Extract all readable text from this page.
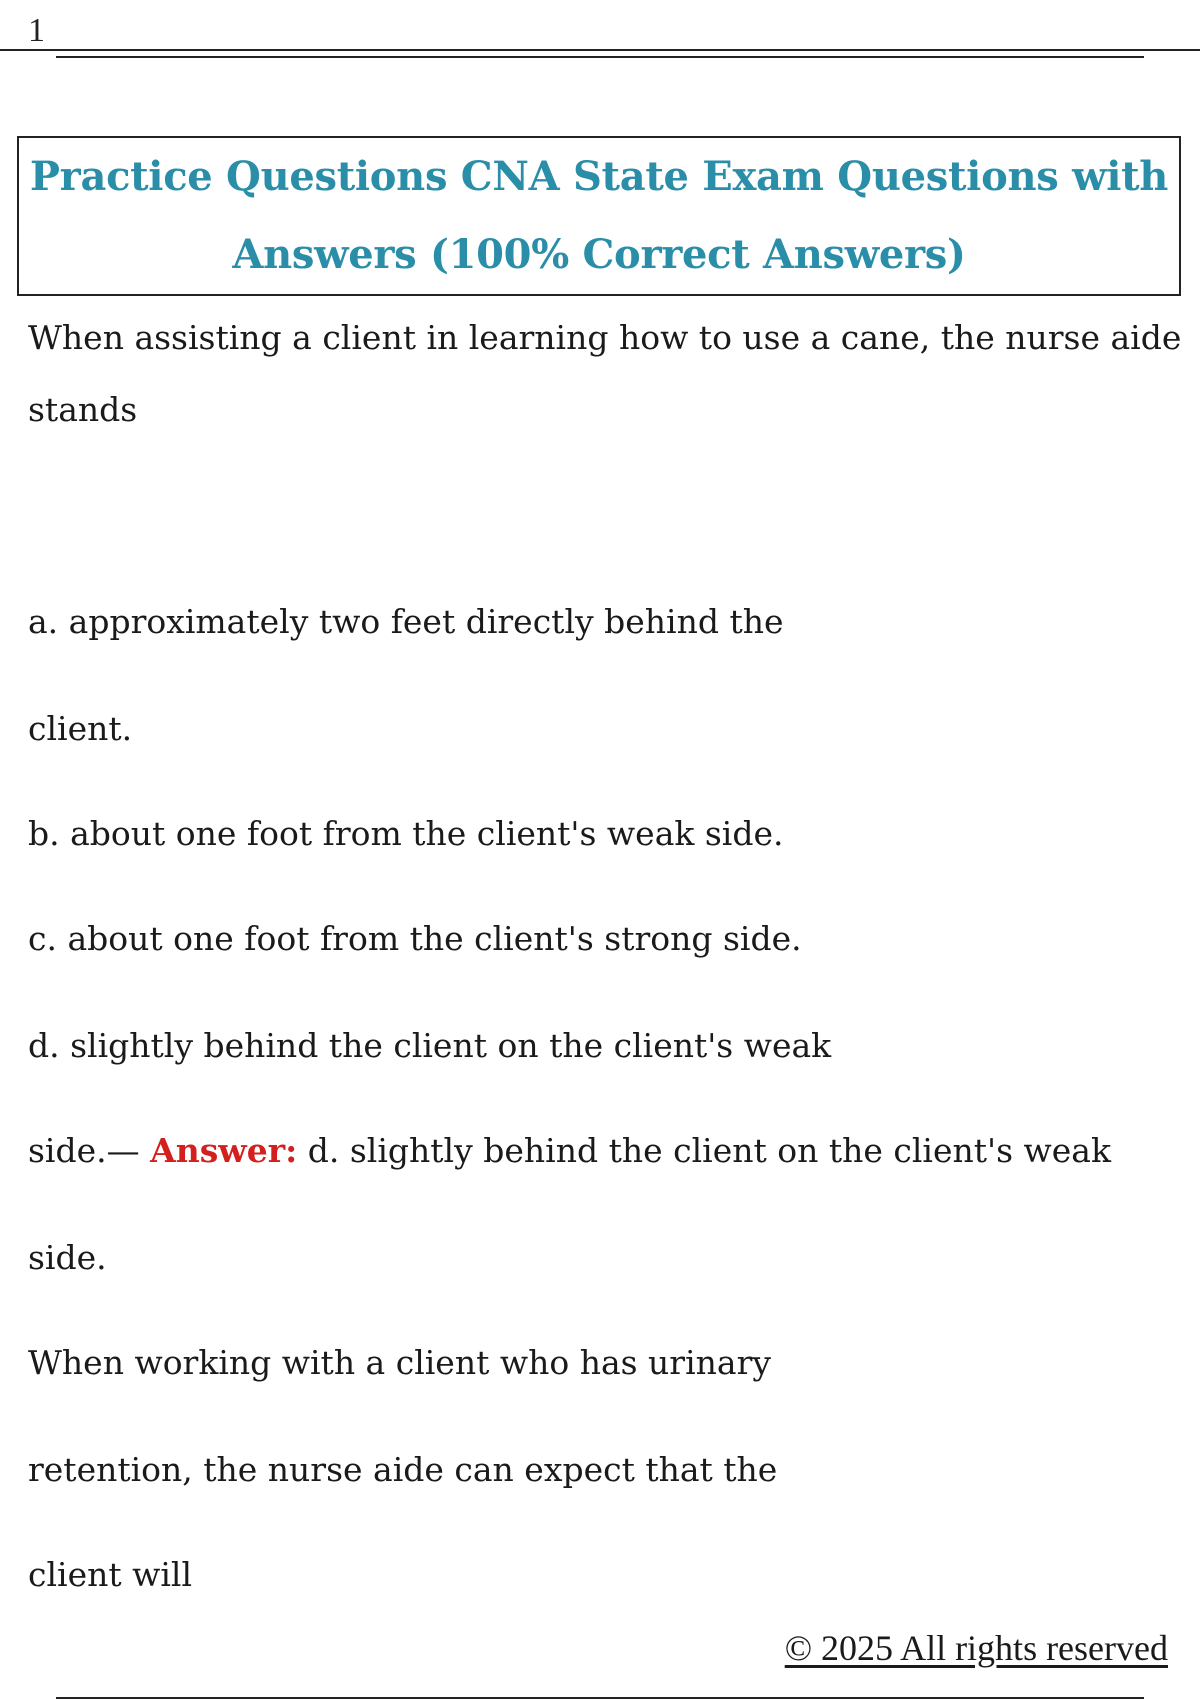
1
Practice Questions CNA State Exam Questions with
Answers (100% Correct Answers)
When assisting a client in learning how to use a cane, the nurse aide
stands
a. approximately two feet directly behind the
client.
b. about one foot from the client's weak side.
c. about one foot from the client's strong side.
d. slightly behind the client on the client's weak
side.— Answer: d. slightly behind the client on the client's weak
side.
When working with a client who has urinary
retention, the nurse aide can expect that the
client will
© 2025 All rights reserved
